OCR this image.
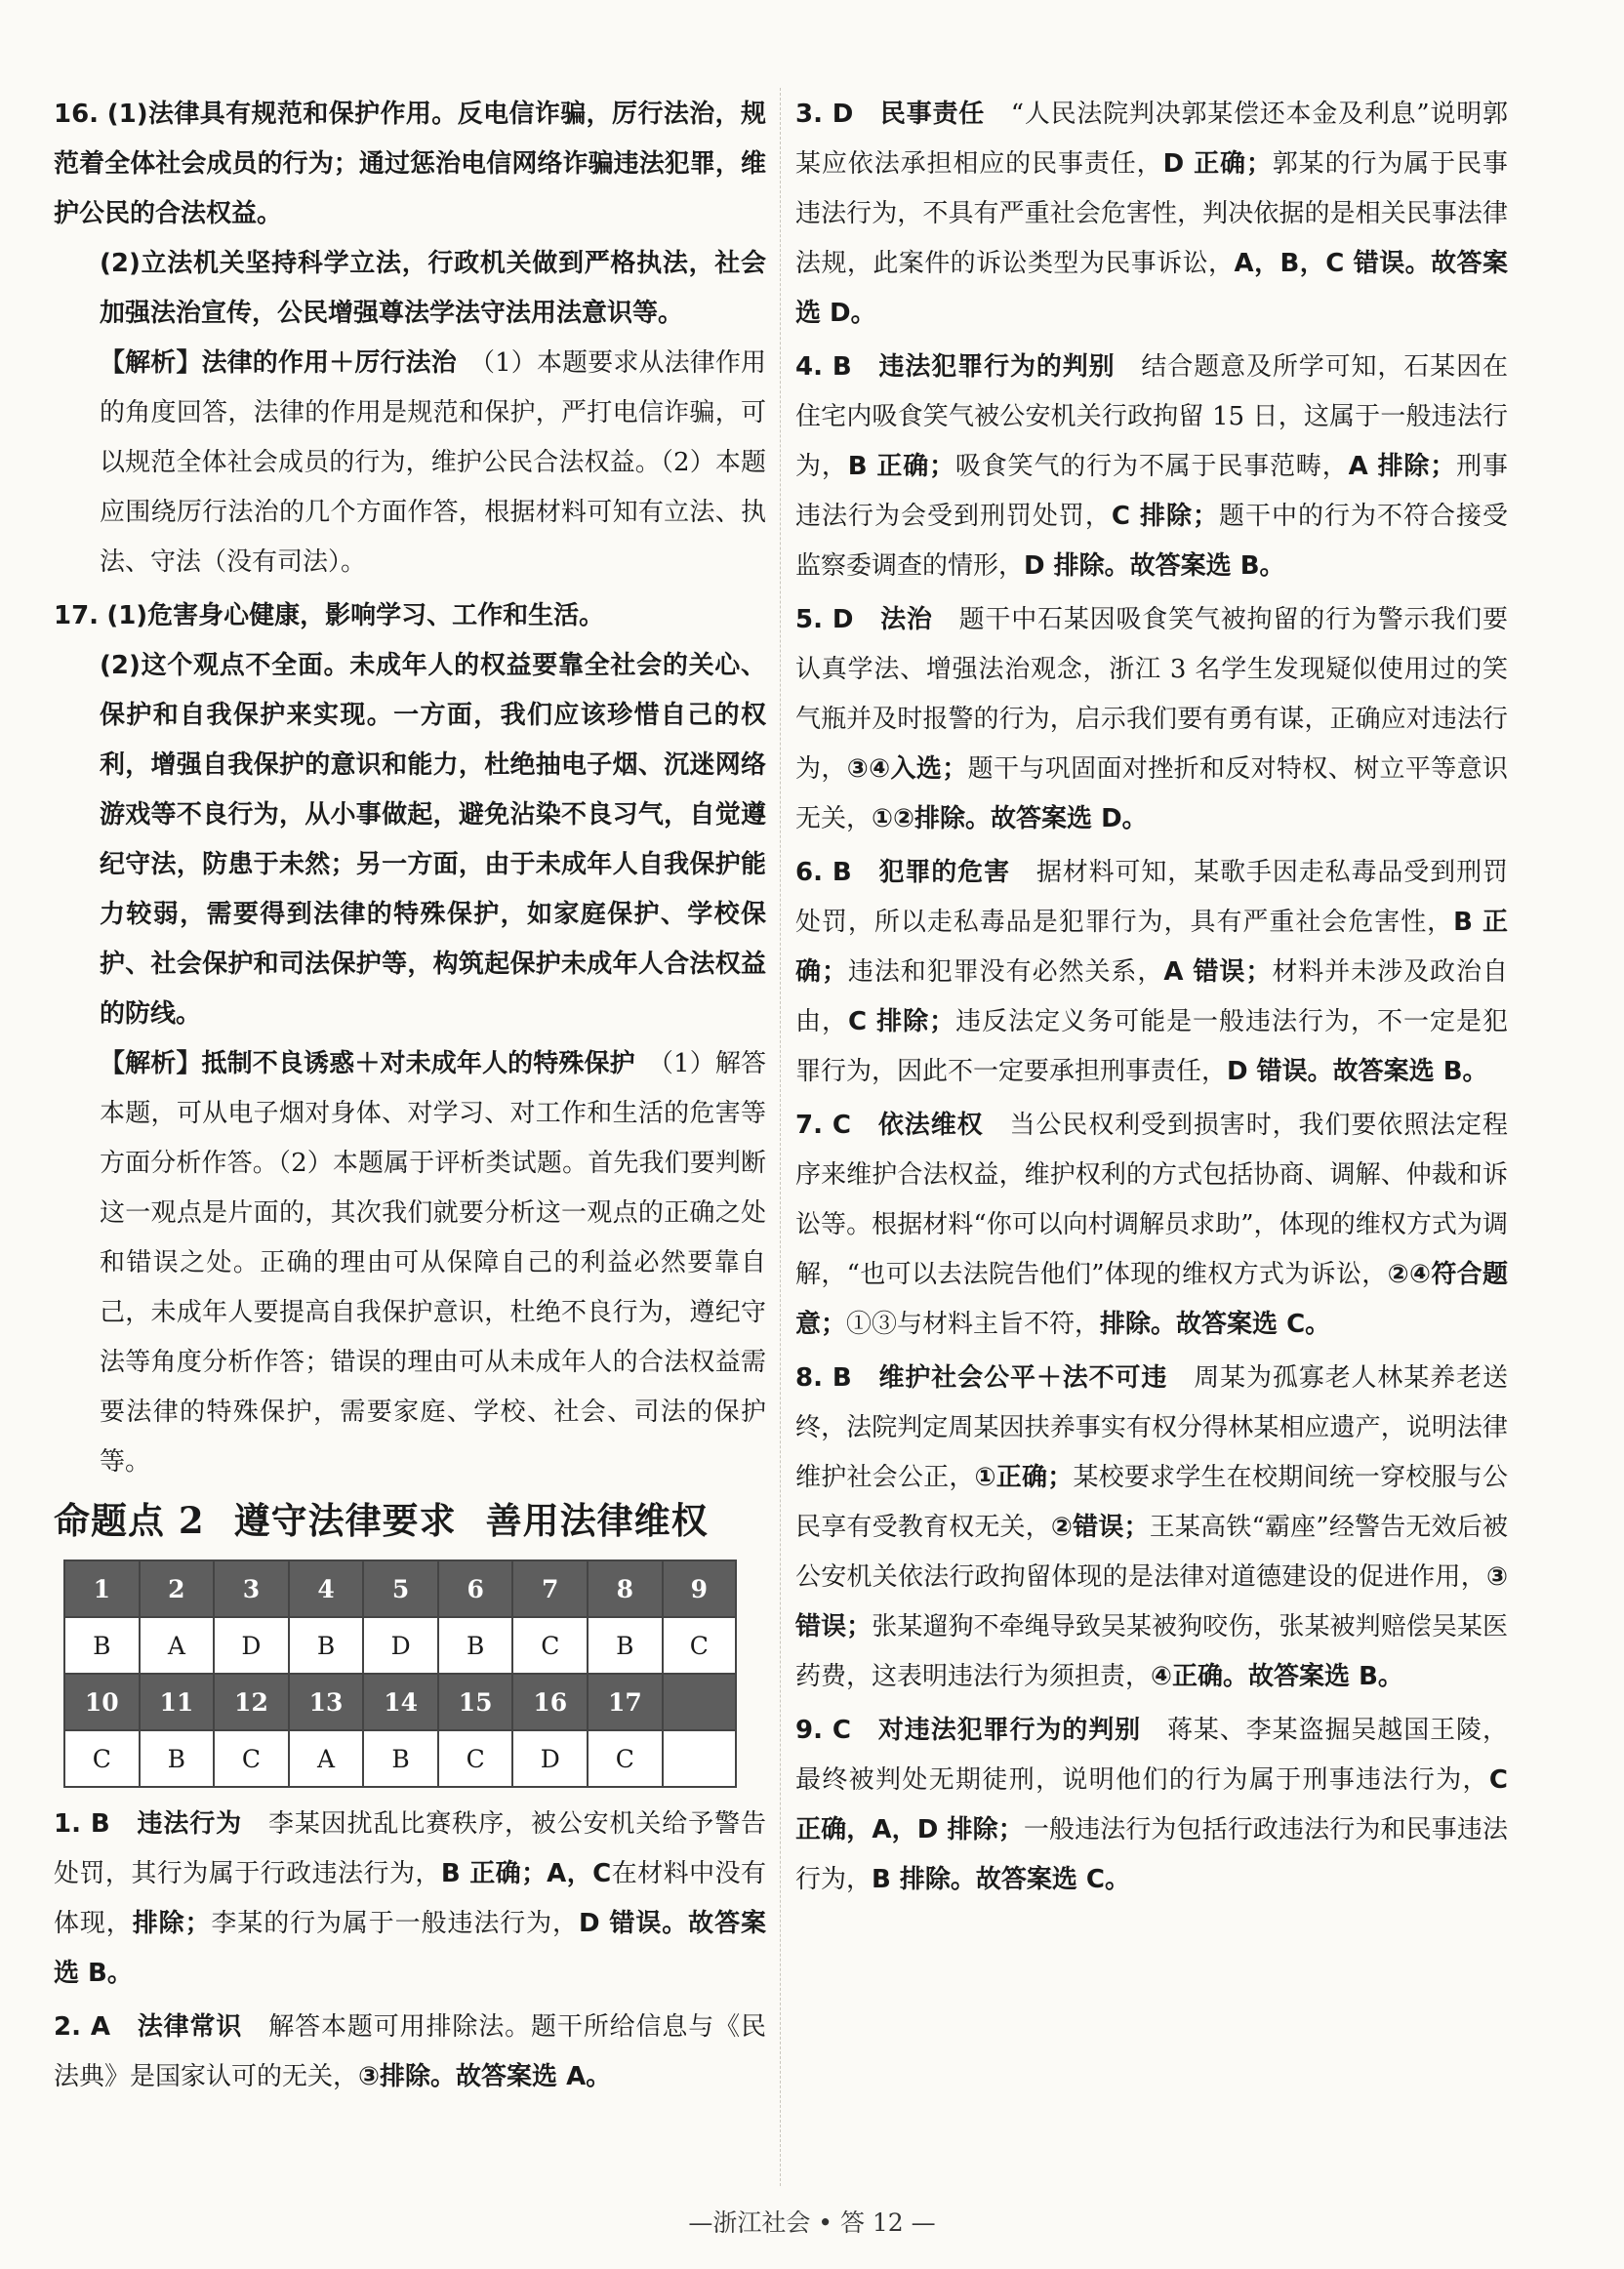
16. (1)法律具有规范和保护作用。反电信诈骗，厉行法治，规范着全体社会成员的行为；通过惩治电信网络诈骗违法犯罪，维护公民的合法权益。

(2)立法机关坚持科学立法，行政机关做到严格执法，社会加强法治宣传，公民增强尊法学法守法用法意识等。

【解析】法律的作用＋厉行法治　 （1）本题要求从法律作用的角度回答，法律的作用是规范和保护，严打电信诈骗，可以规范全体社会成员的行为，维护公民合法权益。（2）本题应围绕厉行法治的几个方面作答，根据材料可知有立法、执法、守法（没有司法）。

17. (1)危害身心健康，影响学习、工作和生活。

(2)这个观点不全面。未成年人的权益要靠全社会的关心、保护和自我保护来实现。一方面，我们应该珍惜自己的权利，增强自我保护的意识和能力，杜绝抽电子烟、沉迷网络游戏等不良行为，从小事做起，避免沾染不良习气，自觉遵纪守法，防患于未然；另一方面，由于未成年人自我保护能力较弱，需要得到法律的特殊保护，如家庭保护、学校保护、社会保护和司法保护等，构筑起保护未成年人合法权益的防线。

【解析】抵制不良诱惑＋对未成年人的特殊保护　 （1）解答本题，可从电子烟对身体、对学习、对工作和生活的危害等方面分析作答。（2）本题属于评析类试题。首先我们要判断这一观点是片面的，其次我们就要分析这一观点的正确之处和错误之处。正确的理由可从保障自己的利益必然要靠自己，未成年人要提高自我保护意识，杜绝不良行为，遵纪守法等角度分析作答；错误的理由可从未成年人的合法权益需要法律的特殊保护，需要家庭、学校、社会、司法的保护等。

命题点 2 遵守法律要求 善用法律维权
1	2	3	4	5	6	7	8	9
B	A	D	B	D	B	C	B	C
10	11	12	13	14	15	16	17	
C	B	C	A	B	C	D	C	

1. B　 违法行为　 李某因扰乱比赛秩序，被公安机关给予警告处罚，其行为属于行政违法行为，B 正确；A，C在材料中没有体现，排除；李某的行为属于一般违法行为，D 错误。故答案选 B。

2. A　 法律常识　 解答本题可用排除法。题干所给信息与《民法典》是国家认可的无关，③排除。故答案选 A。

3. D　 民事责任　 “人民法院判决郭某偿还本金及利息”说明郭某应依法承担相应的民事责任，D 正确；郭某的行为属于民事违法行为，不具有严重社会危害性，判决依据的是相关民事法律法规，此案件的诉讼类型为民事诉讼，A，B，C 错误。故答案选 D。

4. B　 违法犯罪行为的判别　 结合题意及所学可知，石某因在住宅内吸食笑气被公安机关行政拘留 15 日，这属于一般违法行为，B 正确；吸食笑气的行为不属于民事范畴，A 排除；刑事违法行为会受到刑罚处罚，C 排除；题干中的行为不符合接受监察委调查的情形，D 排除。故答案选 B。

5. D　 法治　 题干中石某因吸食笑气被拘留的行为警示我们要认真学法、增强法治观念，浙江 3 名学生发现疑似使用过的笑气瓶并及时报警的行为，启示我们要有勇有谋，正确应对违法行为，③④入选；题干与巩固面对挫折和反对特权、树立平等意识无关，①②排除。故答案选 D。

6. B　 犯罪的危害　 据材料可知，某歌手因走私毒品受到刑罚处罚，所以走私毒品是犯罪行为，具有严重社会危害性，B 正确；违法和犯罪没有必然关系，A 错误；材料并未涉及政治自由，C 排除；违反法定义务可能是一般违法行为，不一定是犯罪行为，因此不一定要承担刑事责任，D 错误。故答案选 B。

7. C　 依法维权　 当公民权利受到损害时，我们要依照法定程序来维护合法权益，维护权利的方式包括协商、调解、仲裁和诉讼等。根据材料“你可以向村调解员求助”，体现的维权方式为调解，“也可以去法院告他们”体现的维权方式为诉讼，②④符合题意；①③与材料主旨不符，排除。故答案选 C。

8. B　 维护社会公平＋法不可违　 周某为孤寡老人林某养老送终，法院判定周某因扶养事实有权分得林某相应遗产，说明法律维护社会公正，①正确；某校要求学生在校期间统一穿校服与公民享有受教育权无关，②错误；王某高铁“霸座”经警告无效后被公安机关依法行政拘留体现的是法律对道德建设的促进作用，③错误；张某遛狗不牵绳导致吴某被狗咬伤，张某被判赔偿吴某医药费，这表明违法行为须担责，④正确。故答案选 B。

9. C　 对违法犯罪行为的判别　 蒋某、李某盗掘吴越国王陵，最终被判处无期徒刑，说明他们的行为属于刑事违法行为，C 正确，A，D 排除；一般违法行为包括行政违法行为和民事违法行为，B 排除。故答案选 C。

—浙江社会 • 答 12 —
